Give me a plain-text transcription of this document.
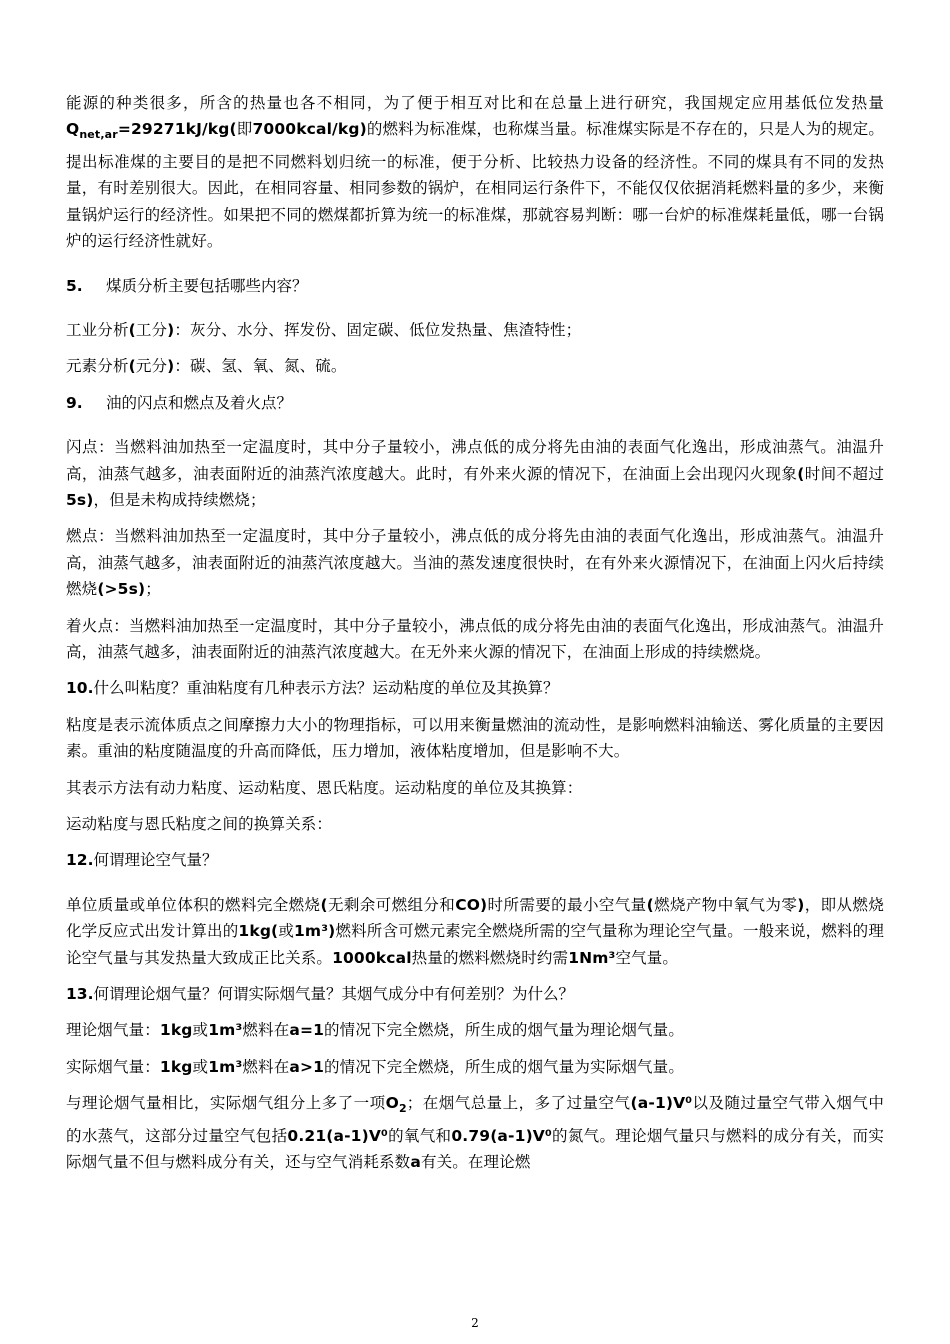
能源的种类很多，所含的热量也各不相同，为了便于相互对比和在总量上进行研究，我国规定应用基低位发热量$Q_{net,ar}=29271kJ/kg$(即7000kcal/kg)的燃料为标准煤，也称煤当量。标准煤实际是不存在的，只是人为的规定。提出标准煤的主要目的是把不同燃料划归统一的标准，便于分析、比较热力设备的经济性。不同的煤具有不同的发热量，有时差别很大。因此，在相同容量、相同参数的锅炉，在相同运行条件下，不能仅仅依据消耗燃料量的多少，来衡量锅炉运行的经济性。如果把不同的燃煤都折算为统一的标准煤，那就容易判断：哪一台炉的标准煤耗量低，哪一台锅炉的运行经济性就好。

5. 煤质分析主要包括哪些内容？

工业分析(工分)：灰分、水分、挥发份、固定碳、低位发热量、焦渣特性；

元素分析(元分)：碳、氢、氧、氮、硫。

9. 油的闪点和燃点及着火点？

闪点：当燃料油加热至一定温度时，其中分子量较小，沸点低的成分将先由油的表面气化逸出，形成油蒸气。油温升高，油蒸气越多，油表面附近的油蒸汽浓度越大。此时，有外来火源的情况下，在油面上会出现闪火现象(时间不超过5s)，但是未构成持续燃烧；

燃点：当燃料油加热至一定温度时，其中分子量较小，沸点低的成分将先由油的表面气化逸出，形成油蒸气。油温升高，油蒸气越多，油表面附近的油蒸汽浓度越大。当油的蒸发速度很快时，在有外来火源情况下，在油面上闪火后持续燃烧(>5s)；

着火点：当燃料油加热至一定温度时，其中分子量较小，沸点低的成分将先由油的表面气化逸出，形成油蒸气。油温升高，油蒸气越多，油表面附近的油蒸汽浓度越大。在无外来火源的情况下，在油面上形成的持续燃烧。

10.什么叫粘度？重油粘度有几种表示方法？运动粘度的单位及其换算？

粘度是表示流体质点之间摩擦力大小的物理指标，可以用来衡量燃油的流动性，是影响燃料油输送、雾化质量的主要因素。重油的粘度随温度的升高而降低，压力增加，液体粘度增加，但是影响不大。

其表示方法有动力粘度、运动粘度、恩氏粘度。运动粘度的单位及其换算：

运动粘度与恩氏粘度之间的换算关系：

12.何谓理论空气量？

单位质量或单位体积的燃料完全燃烧(无剩余可燃组分和CO)时所需要的最小空气量(燃烧产物中氧气为零)，即从燃烧化学反应式出发计算出的1kg(或1m³)燃料所含可燃元素完全燃烧所需的空气量称为理论空气量。一般来说，燃料的理论空气量与其发热量大致成正比关系。1000kcal热量的燃料燃烧时约需1Nm³空气量。

13.何谓理论烟气量？何谓实际烟气量？其烟气成分中有何差别？为什么？

理论烟气量：1kg或1m³燃料在a=1的情况下完全燃烧，所生成的烟气量为理论烟气量。

实际烟气量：1kg或1m³燃料在a>1的情况下完全燃烧，所生成的烟气量为实际烟气量。

与理论烟气量相比，实际烟气组分上多了一项$O_2$；在烟气总量上，多了过量空气(a-1)V⁰以及随过量空气带入烟气中的水蒸气，这部分过量空气包括0.21(a-1)V⁰的氧气和0.79(a-1)V⁰的氮气。理论烟气量只与燃料的成分有关，而实际烟气量不但与燃料成分有关，还与空气消耗系数a有关。在理论燃

2
